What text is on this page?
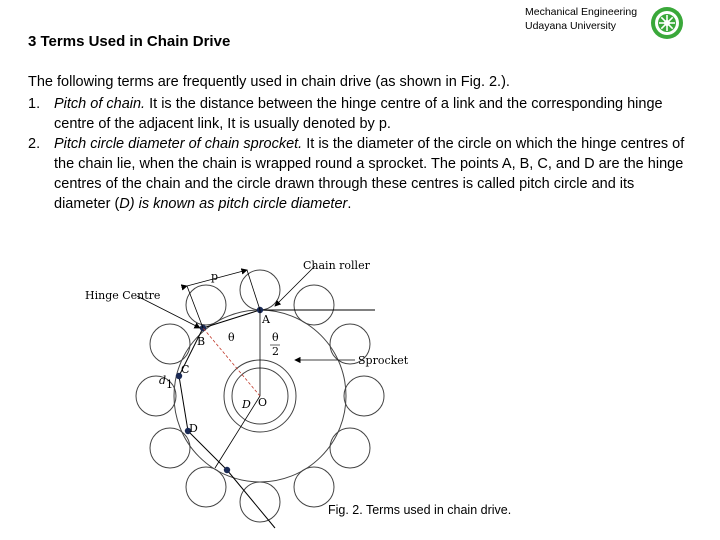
3 Terms Used in Chain Drive
Mechanical Engineering
Udayana University

The following terms are frequently used in chain drive (as shown in Fig. 2.).

1. Pitch of chain. It is the distance between the hinge centre of a link and the corresponding hinge centre of the adjacent link, It is usually denoted by p.
2. Pitch circle diameter of chain sprocket. It is the diameter of the circle on which the hinge centres of the chain lie, when the chain is wrapped round a sprocket. The points A, B, C, and D are the hinge centres of the chain and the circle drawn through these centres is called pitch circle and its diameter (D) is known as pitch circle diameter.
p
Chain roller
Hinge Centre
Sprocket
A
B
C
D
θ	θ
2
D O
d 1
Fig. 2. Terms used in chain drive.
